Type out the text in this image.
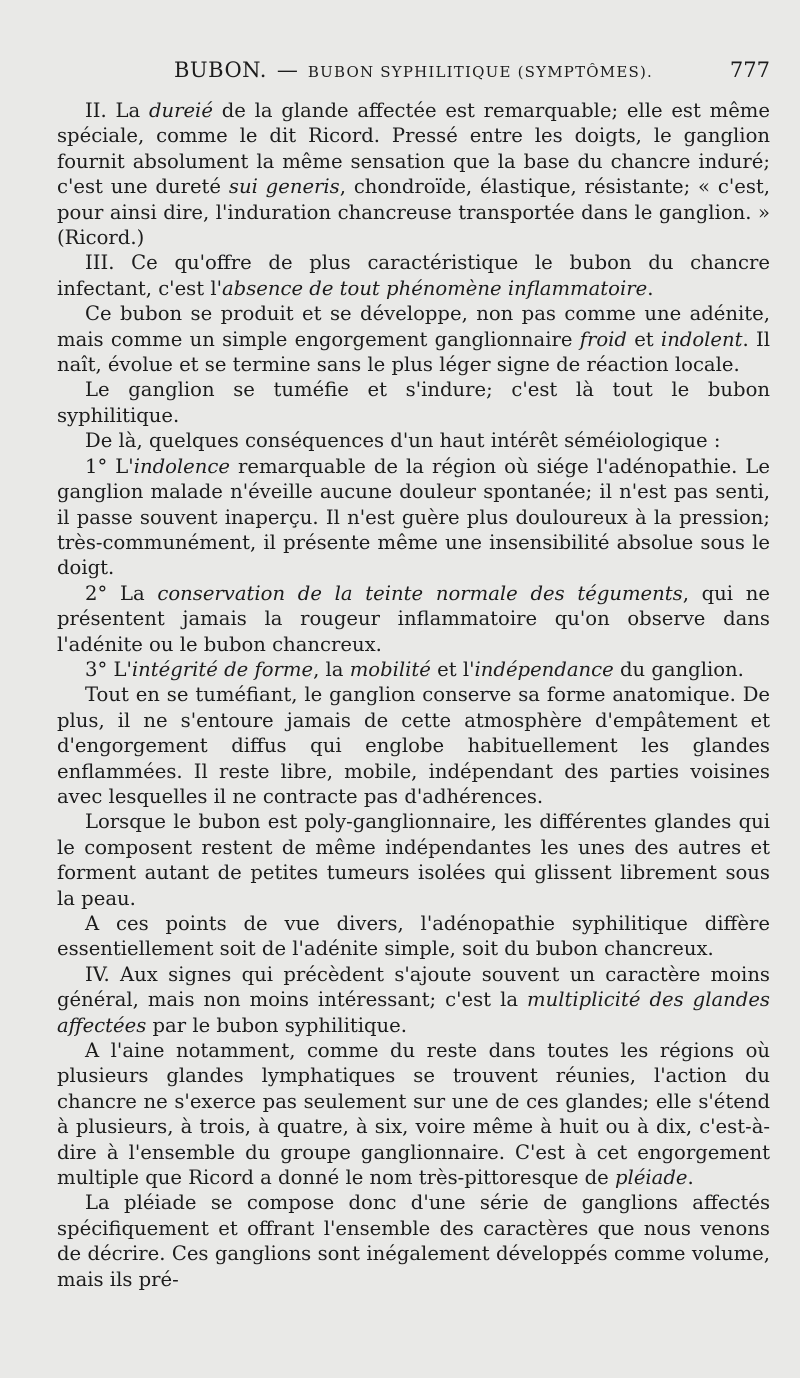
BUBON. — BUBON SYPHILITIQUE (SYMPTÔMES).	777

II. La dureié de la glande affectée est remarquable; elle est même spéciale, comme le dit Ricord. Pressé entre les doigts, le ganglion fournit absolument la même sensation que la base du chancre induré; c'est une dureté sui generis, chondroïde, élastique, résistante; « c'est, pour ainsi dire, l'induration chancreuse transportée dans le ganglion. » (Ricord.)

III. Ce qu'offre de plus caractéristique le bubon du chancre infectant, c'est l'absence de tout phénomène inflammatoire.

Ce bubon se produit et se développe, non pas comme une adénite, mais comme un simple engorgement ganglionnaire froid et indolent. Il naît, évolue et se termine sans le plus léger signe de réaction locale.

Le ganglion se tuméfie et s'indure; c'est là tout le bubon syphilitique.

De là, quelques conséquences d'un haut intérêt séméiologique :

1° L'indolence remarquable de la région où siége l'adénopathie. Le ganglion malade n'éveille aucune douleur spontanée; il n'est pas senti, il passe souvent inaperçu. Il n'est guère plus douloureux à la pression; très-communément, il présente même une insensibilité absolue sous le doigt.

2° La conservation de la teinte normale des téguments, qui ne présentent jamais la rougeur inflammatoire qu'on observe dans l'adénite ou le bubon chancreux.

3° L'intégrité de forme, la mobilité et l'indépendance du ganglion.

Tout en se tuméfiant, le ganglion conserve sa forme anatomique. De plus, il ne s'entoure jamais de cette atmosphère d'empâtement et d'engorgement diffus qui englobe habituellement les glandes enflammées. Il reste libre, mobile, indépendant des parties voisines avec lesquelles il ne contracte pas d'adhérences.

Lorsque le bubon est poly-ganglionnaire, les différentes glandes qui le composent restent de même indépendantes les unes des autres et forment autant de petites tumeurs isolées qui glissent librement sous la peau.

A ces points de vue divers, l'adénopathie syphilitique diffère essentiellement soit de l'adénite simple, soit du bubon chancreux.

IV. Aux signes qui précèdent s'ajoute souvent un caractère moins général, mais non moins intéressant; c'est la multiplicité des glandes affectées par le bubon syphilitique.

A l'aine notamment, comme du reste dans toutes les régions où plusieurs glandes lymphatiques se trouvent réunies, l'action du chancre ne s'exerce pas seulement sur une de ces glandes; elle s'étend à plusieurs, à trois, à quatre, à six, voire même à huit ou à dix, c'est-à-dire à l'ensemble du groupe ganglionnaire. C'est à cet engorgement multiple que Ricord a donné le nom très-pittoresque de pléiade.

La pléiade se compose donc d'une série de ganglions affectés spécifiquement et offrant l'ensemble des caractères que nous venons de décrire. Ces ganglions sont inégalement développés comme volume, mais ils pré-
